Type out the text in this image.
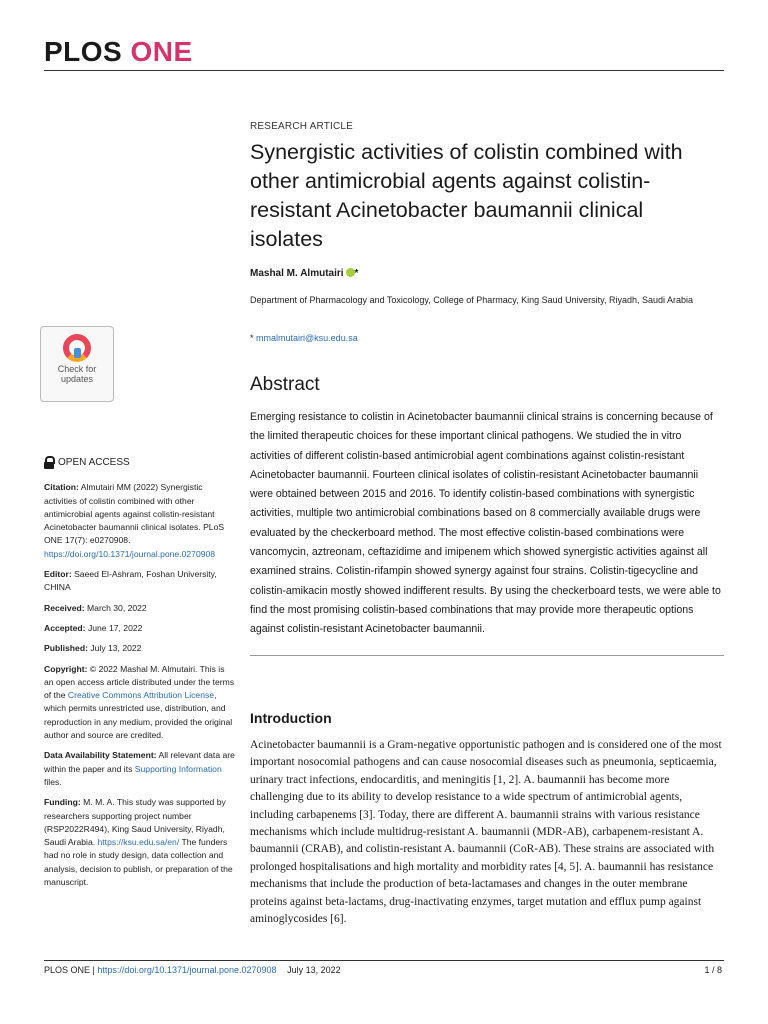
PLOS ONE
RESEARCH ARTICLE
Synergistic activities of colistin combined with
other antimicrobial agents against colistin-
resistant Acinetobacter baumannii clinical
isolates
Mashal M. Almutairi *
Department of Pharmacology and Toxicology, College of Pharmacy, King Saud University, Riyadh, Saudi Arabia
* mmalmutairi@ksu.edu.sa
Check for
updates	Abstract

Emerging resistance to colistin in Acinetobacter baumannii clinical strains is concerning because of the limited therapeutic choices for these important clinical pathogens. We studied the in vitro activities of different colistin-based antimicrobial agent combinations against colistin-resistant Acinetobacter baumannii. Fourteen clinical isolates of colistin-resistant Acinetobacter baumannii were obtained between 2015 and 2016. To identify colistin-based combinations with synergistic activities, multiple two antimicrobial combinations based on 8 commercially available drugs were evaluated by the checkerboard method. The most effective colistin-based combinations were vancomycin, aztreonam, ceftazidime and imipenem which showed synergistic activities against all examined strains. Colistin-rifampin showed synergy against four strains. Colistin-tigecycline and colistin-amikacin mostly showed indifferent results. By using the checkerboard tests, we were able to find the most promising colistin-based combinations that may provide more therapeutic options against colistin-resistant Acinetobacter baumannii.

OPEN ACCESS

Citation: Almutairi MM (2022) Synergistic activities of colistin combined with other antimicrobial agents against colistin-resistant Acinetobacter baumannii clinical isolates. PLoS ONE 17(7): e0270908. https://doi.org/10.1371/journal.pone.0270908

Editor: Saeed El-Ashram, Foshan University, CHINA

Received: March 30, 2022

Accepted: June 17, 2022

Published: July 13, 2022

Copyright: © 2022 Mashal M. Almutairi. This is an open access article distributed under the terms of the Creative Commons Attribution License, which permits unrestricted use, distribution, and reproduction in any medium, provided the original author and source are credited.

Data Availability Statement: All relevant data are within the paper and its Supporting Information files.

Funding: M. M. A. This study was supported by researchers supporting project number (RSP2022R494), King Saud University, Riyadh, Saudi Arabia. https://ksu.edu.sa/en/ The funders had no role in study design, data collection and analysis, decision to publish, or preparation of the manuscript.

Introduction

Acinetobacter baumannii is a Gram-negative opportunistic pathogen and is considered one of the most important nosocomial pathogens and can cause nosocomial diseases such as pneumonia, septicaemia, urinary tract infections, endocarditis, and meningitis [1, 2]. A. baumannii has become more challenging due to its ability to develop resistance to a wide spectrum of antimicrobial agents, including carbapenems [3]. Today, there are different A. baumannii strains with various resistance mechanisms which include multidrug-resistant A. baumannii (MDR-AB), carbapenem-resistant A. baumannii (CRAB), and colistin-resistant A. baumannii (CoR-AB). These strains are associated with prolonged hospitalisations and high mortality and morbidity rates [4, 5]. A. baumannii has resistance mechanisms that include the production of beta-lactamases and changes in the outer membrane proteins against beta-lactams, drug-inactivating enzymes, target mutation and efflux pump against aminoglycosides [6].

PLOS ONE | https://doi.org/10.1371/journal.pone.0270908 July 13, 2022	1 / 8
